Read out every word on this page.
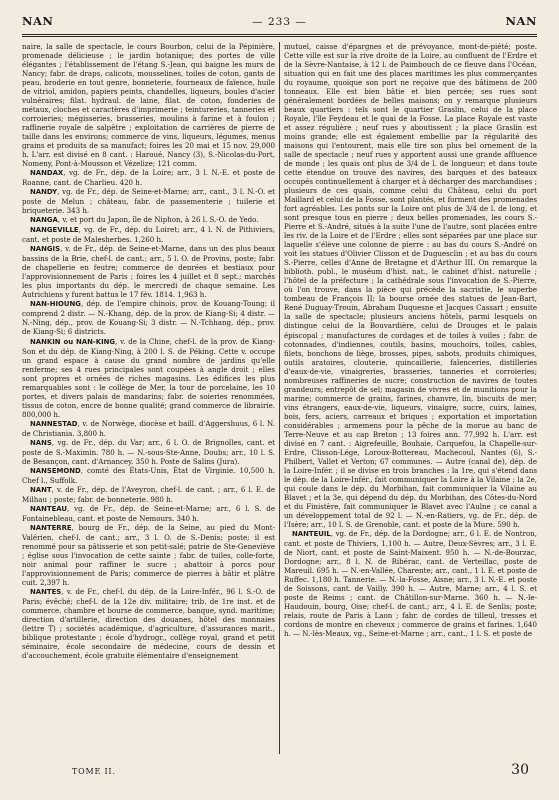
NAN	— 233 —	NAN

naire, la salle de spectacle, le cours Bourbon, celui de la Pépinière, promenade délicieuse ; le jardin botanique; des portes de ville élégantes ; l'établissement de l'étang S.-Jean, qui baigne les murs de Nancy; fabr. de draps, calicots, mousselines, toiles de coton, gants de peau, broderie en tout genre, bonneterie, fourneaux de faïence, huile de vitriol, amidon, papiers peints, chandelles, liqueurs, boules d'acier vulnéraires; filat. hydraul. de laine, filat. de coton, fonderies de métaux, cloches et caractères d'imprimerie ; teintureries, tanneries et corroieries; mégisseries, brasseries, moulins à farine et à foulon ; raffinerie royale de salpêtre ; exploitation de carrières de pierre de taille dans les environs; commerce de vins, liqueurs, légumes, menus grains et produits de sa manufact; foires les 20 mai et 15 nov. 29,000 h. L'arr. est divisé en 8 cant. : Haroué, Nancy (3), S.-Nicolas-du-Port, Nomeny, Pont-à-Mousson et Vézelize; 121 comm.

NANDAX, vg. de Fr., dép. de la Loire; arr., 3 l. N.-E. et poste de Roanne, cant. de Charlieu. 420 h.

NANDY, vg. de Fr., dép. de Seine-et-Marne; arr., cant., 3 l. N.-O. et poste de Melun ; château, fabr. de passementerie ; tuilerie et briqueterie. 343 h.

NANGA, v. et port du Japon, île de Niphon, à 26 l. S.-O. de Yedo.

NANGEVILLE, vg. de Fr., dép. du Loiret; arr., 4 l. N. de Pithiviers, cant. et poste de Malesherbes. 1,260 h.

NANGIS, v. de Fr., dép. de Seine-et-Marne, dans un des plus beaux bassins de la Brie, chef-l. de cant.; arr., 5 l. O. de Provins, poste; fabr. de chapellerie en feutre; commerce de denrées et bestiaux pour l'approvisionnement de Paris ; foires les 4 juillet et 8 sept.; marchés les plus importants du dép. le mercredi de chaque semaine. Les Autrichiens y furent battus le 17 fév. 1814. 1,963 h.

NAN-HIOUNG, dép. de l'empire chinois, prov. de Kouang-Toung; il comprend 2 distr. — N.-Khang, dép. de la prov. de Kiang-Si; 4 distr. — N.-Ning, dép., prov. de Kouang-Si; 3 distr. — N.-Tchhang, dép., prov. de Kiang-Si; 6 districts.

NANKIN ou NAN-KING, v. de la Chine, chef-l. de la prov. de Kiang-Son et du dép. de Kiang-Ning, à 200 l. S. de Péking. Cette v. occupe un grand espace à cause du grand nombre de jardins qu'elle renferme; ses 4 rues principales sont coupées à angle droit ; elles sont propres et ornées de riches magasins. Les édifices les plus remarquables sont : le collège de Mer, la tour de porcelaine, les 10 portes, et divers palais de mandarins; fabr. de soieries renommées, tissus de coton, encre de bonne qualité; grand commerce de librairie. 800,000 h.

NANNESTAD, v. de Norwège, diocèse et baill. d'Aggershuus, 6 l. N. de Christiania. 3,800 h.

NANS, vg. de Fr., dép. du Var; arr., 6 l. O. de Brignolles, cant. et poste de S.-Maximin. 780 h. — N.-sous-Ste-Anne, Doubs; arr., 10 l. S. de Besançon, cant. d'Arnancey. 350 h. Poste de Salins (Jura).

NANSEMOND, comté des États-Unis, État de Virginie. 10,500 h. Chef l., Suffolk.

NANT, v. de Fr., dép. de l'Aveyron, chef-l. de cant. ; arr., 6 l. E. de Milhau ; poste; fabr. de bonneterie. 980 h.

NANTEAU, vg. de Fr., dép. de Seine-et-Marne; arr., 6 l. S. de Fontainebleau, cant. et poste de Nemours. 340 h.

NANTERRE, bourg de Fr., dép. de la Seine, au pied du Mont-Valérien, chef-l. de cant.; arr., 3 l. O. de S.-Denis; poste; il est renommé pour sa pâtisserie et son petit-salé; patrie de Ste-Geneviève ; église sous l'invocation de cette sainte ; fabr. de tuiles, colle-forte, noir animal pour raffiner le sucre ; abattoir à porcs pour l'approvisionnement de Paris; commerce de pierres à bâtir et plâtre cuit. 2,397 h.

NANTES, v. de Fr., chef-l. du dép. de la Loire-Infér., 96 l. S.-O. de Paris; évêché; chef-l. de la 12e div. militaire; trib. de 1re inst. et de commerce, chambre et bourse de commerce, banque, synd. maritime; direction d'artillerie, direction des douanes, hôtel des monnaies (lettre T) ; sociétés académique, d'agriculture, d'assurances marit., biblique protestante ; école d'hydrogr., collège royal, grand et petit séminaire, école secondaire de médecine, cours de dessin et d'accouchement, école gratuite élémentaire d'enseignement

mutuel, caisse d'épargnes et de prévoyance, mont-de-piété; poste. Cette ville est sur la rive droite de la Loire, au confluent de l'Erdre et de la Sèvre-Nantaise, à 12 l. de Paimbouch de ce fleuve dans l'Océan, situation qui en fait une des places maritimes les plus commerçantes du royaume, quoique son port ne reçoive que des bâtimens de 200 tonneaux. Elle est bien bâtie et bien percée; ses rues sont généralement bordées de belles maisons; on y remarque plusieurs beaux quartiers : tels sont le quartier Graslin, celui de la place Royale, l'île Feydeau et le quai de la Fosse. La place Royale est vaste et assez régulière ; neuf rues y aboutissent ; la place Graslin est moins grande; elle est également embellie par la régularité des maisons qui l'entourent, mais elle tire son plus bel ornement de la salle de spectacle ; neuf rues y apportent aussi une grande affluence de monde ; les quais ont plus de 3/4 de l. de longueur; et dans toute cette étendue on trouve des navires, des barques et des bateaux occupés continuellement à charger et à décharger des marchandises ; plusieurs de ces quais, comme celui du Château, celui du port Maillard et celui de la Fosse, sont plantés, et forment des promenades fort agréables. Les ponts sur la Loire ont plus de 3/4 de l. de long, et sont presque tous en pierre ; deux belles promenades, les cours S.-Pierre et S.-André, situés à la suite l'une de l'autre, sont placées entre les riv. de la Loire et de l'Erdre ; elles sont séparées par une place sur laquelle s'élève une colonne de pierre : au bas du cours S.-André on voit les statues d'Olivier Clisson et de Duguesclin ; et au bas du cours S.-Pierre, celles d'Anne de Bretagne et d'Arthur III. On remarque la biblioth. publ., le muséum d'hist. nat., le cabinet d'hist. naturelle ; l'hôtel de la préfecture ; la cathédrale sous l'invocation de S.-Pierre, où l'on trouve, dans la pièce qui précède la sacristie, le superbe tombeau de François II; la bourse ornée des statues de Jean-Bart, René Duguay-Trouin, Abraham Duquesne et Jacques Cassart ; ensuite la salle de spectacle; plusieurs anciens hôtels, parmi lesquels on distingue celui de la Bouvardière, celui de Drouges et le palais épiscopal ; manufactures de cordages et de toiles à voiles ; fabr. de cotonnades, d'indiennes, coutils, basins, mouchoirs, toiles, cables, filets, bonchons de liège, brosses, pipes, sabots, produits chimiques, outils aratoires, clouterie, quincaillerie, faïenceries, distilleries d'eaux-de-vie, vinaigreries, brasseries, tanneries et corroieries; nombreuses raffineries de sucre; construction de navires de toutes grandeurs; entrepôt de sel; magasin de vivres et de munitions pour la marine; commerce de grains, farines, chanvre, lin, biscuits de mer; vins étrangers, eaux-de-vie, liqueurs, vinaigre, sucre, cuirs, laines, bois, fers, aciers, carreaux et briques ; exportation et importation considérables ; armemens pour la pêche de la morue au banc de Terre-Neuve et au cap Breton ; 13 foires ann. 77,992 h. L'arr. est divisé en 7 cant. : Aigrefeuille, Bouhaie, Carquefou, la Chapelle-sur-Erdre, Clisson-Lége, Loroux-Bottereau, Machecoul, Nantes (6), S.-Philbert, Vallet et Verton; 67 communes. — Autre (canal de), dép. de la Loire-Infér. ; il se divise en trois branches : la 1re, qui s'étend dans le dép. de la Loire-Infér., fait communiquer la Loire à la Vilaine ; la 2e, qui coule dans le dép. du Morbihan, fait communiquer la Vilaine au Blavet ; et la 3e, qui dépend du dép. du Morbihan, des Côtes-du-Nord et du Finistère, fait communiquer le Blavet avec l'Aulne ; ce canal a un développement total de 92 l. — N.-en-Ratiers, vg. de Fr., dép. de l'Isère; arr., 10 l. S. de Grenoble, cant. et poste de la Mure. 590 h.

NANTEUIL, vg. de Fr., dép. de la Dordogne; arr., 6 l. E. de Nontron, cant. et poste de Thiviers, 1,100 h. — Autre, Deux-Sèvres; arr., 3 l. E. de Niort, cant. et poste de Saint-Maixent. 950 h. — N.-de-Bourzac, Dordogne; arr., 8 l. N. de Ribérac, cant. de Verteillac, poste de Mareuil. 695 h. — N.-en-Vallée, Charente; arr., cant., 1 l. E. et poste de Ruffec. 1,180 h. Tannerie. — N.-la-Fosse, Aisne; arr., 3 l. N.-E. et poste de Soissons, cant. de Vailly. 390 h. — Autre, Marne; arr., 4 l. S. et poste de Reims ; cant. de Châtillon-sur-Marne. 360 h. — N.-le-Haudouin, bourg, Oise; chef-l. de cant.; arr., 4 l. E. de Senlis; poste; relais, route de Paris à Laon ; fabr. de cordes de tilleul, tresses et cordons de montre en cheveux ; commerce de grains et farines. 1,640 h. — N.-lès-Meaux, vg., Seine-et-Marne ; arr., cant., 1 l. S. et poste de

TOME II.	30
